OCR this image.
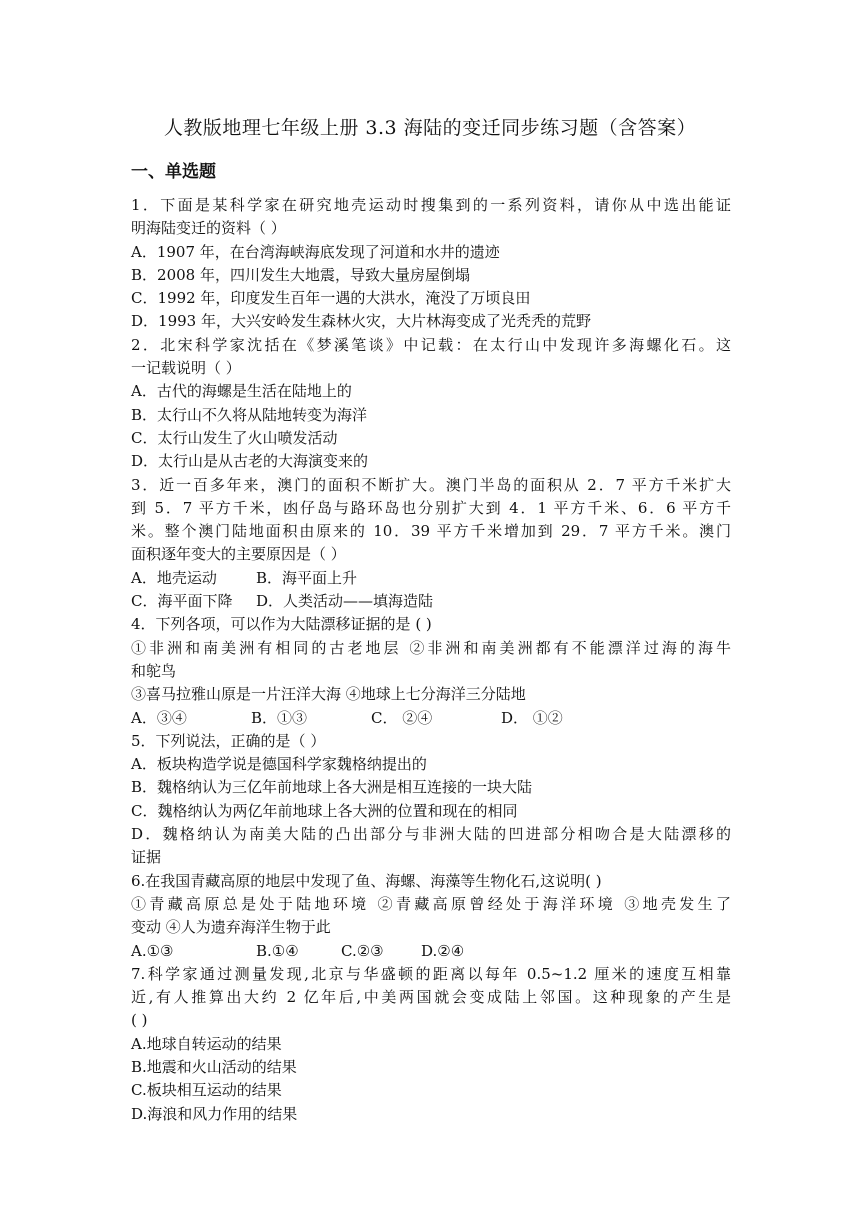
人教版地理七年级上册 3.3 海陆的变迁同步练习题（含答案）
一、单选题
1．下面是某科学家在研究地壳运动时搜集到的一系列资料，请你从中选出能证
明海陆变迁的资料（ ）
A．1907 年，在台湾海峡海底发现了河道和水井的遗迹
B．2008 年，四川发生大地震，导致大量房屋倒塌
C．1992 年，印度发生百年一遇的大洪水，淹没了万顷良田
D．1993 年，大兴安岭发生森林火灾，大片林海变成了光秃秃的荒野
2．北宋科学家沈括在《梦溪笔谈》中记载：在太行山中发现许多海螺化石。这
一记载说明（ ）
A．古代的海螺是生活在陆地上的
B．太行山不久将从陆地转变为海洋
C．太行山发生了火山喷发活动
D．太行山是从古老的大海演变来的
3．近一百多年来，澳门的面积不断扩大。澳门半岛的面积从 2．7 平方千米扩大
到 5．7 平方千米，凼仔岛与路环岛也分别扩大到 4．1 平方千米、6．6 平方千
米。整个澳门陆地面积由原来的 10．39 平方千米增加到 29．7 平方千米。澳门
面积逐年变大的主要原因是（ ）
A．地壳运动	B．海平面上升
C．海平面下降 D．人类活动——填海造陆
4．下列各项，可以作为大陆漂移证据的是 ( )
①非洲和南美洲有相同的古老地层 ②非洲和南美洲都有不能漂洋过海的海牛
和鸵鸟
③喜马拉雅山原是一片汪洋大海 ④地球上七分海洋三分陆地
A．③④	B．①③	C． ②④	D． ①②
5．下列说法，正确的是（ ）
A．板块构造学说是德国科学家魏格纳提出的
B．魏格纳认为三亿年前地球上各大洲是相互连接的一块大陆
C．魏格纳认为两亿年前地球上各大洲的位置和现在的相同
D．魏格纳认为南美大陆的凸出部分与非洲大陆的凹进部分相吻合是大陆漂移的
证据
6.在我国青藏高原的地层中发现了鱼、海螺、海藻等生物化石,这说明( )
①青藏高原总是处于陆地环境 ②青藏高原曾经处于海洋环境 ③地壳发生了
变动 ④人为遗弃海洋生物于此
A.①③	B.①④	C.②③ D.②④
7.科学家通过测量发现,北京与华盛顿的距离以每年 0.5~1.2 厘米的速度互相靠
近,有人推算出大约 2 亿年后,中美两国就会变成陆上邻国。这种现象的产生是
( )
A.地球自转运动的结果
B.地震和火山活动的结果
C.板块相互运动的结果
D.海浪和风力作用的结果
